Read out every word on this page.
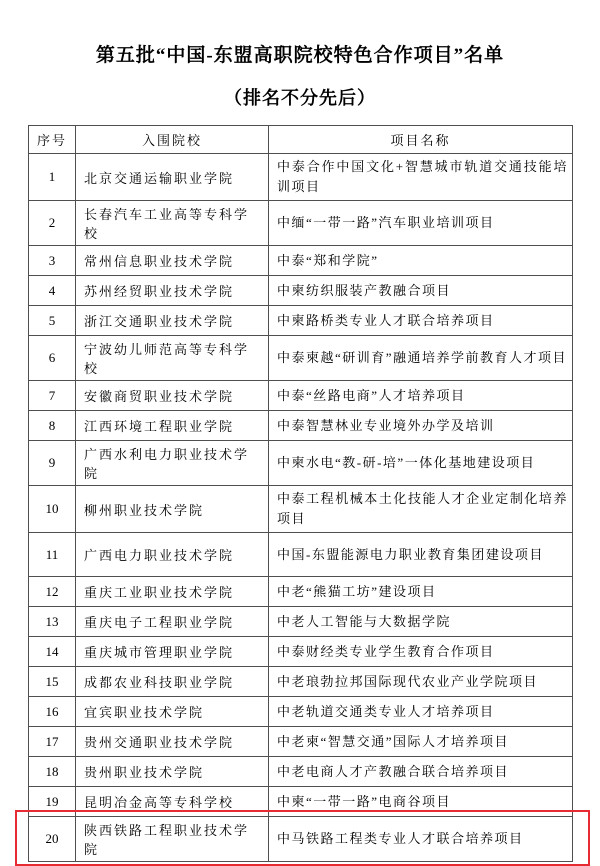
第五批“中国-东盟高职院校特色合作项目”名单
（排名不分先后）
序号	入围院校	项目名称
1	北京交通运输职业学院	中泰合作中国文化+智慧城市轨道交通技能培训项目
2	长春汽车工业高等专科学校	中缅“一带一路”汽车职业培训项目
3	常州信息职业技术学院	中泰“郑和学院”
4	苏州经贸职业技术学院	中柬纺织服装产教融合项目
5	浙江交通职业技术学院	中柬路桥类专业人才联合培养项目
6	宁波幼儿师范高等专科学校	中泰柬越“研训育”融通培养学前教育人才项目
7	安徽商贸职业技术学院	中泰“丝路电商”人才培养项目
8	江西环境工程职业学院	中泰智慧林业专业境外办学及培训
9	广西水利电力职业技术学院	中柬水电“教-研-培”一体化基地建设项目
10	柳州职业技术学院	中泰工程机械本土化技能人才企业定制化培养项目
11	广西电力职业技术学院	中国-东盟能源电力职业教育集团建设项目
12	重庆工业职业技术学院	中老“熊猫工坊”建设项目
13	重庆电子工程职业学院	中老人工智能与大数据学院
14	重庆城市管理职业学院	中泰财经类专业学生教育合作项目
15	成都农业科技职业学院	中老琅勃拉邦国际现代农业产业学院项目
16	宜宾职业技术学院	中老轨道交通类专业人才培养项目
17	贵州交通职业技术学院	中老柬“智慧交通”国际人才培养项目
18	贵州职业技术学院	中老电商人才产教融合联合培养项目
19	昆明冶金高等专科学校	中柬“一带一路”电商谷项目
20	陕西铁路工程职业技术学院	中马铁路工程类专业人才联合培养项目
